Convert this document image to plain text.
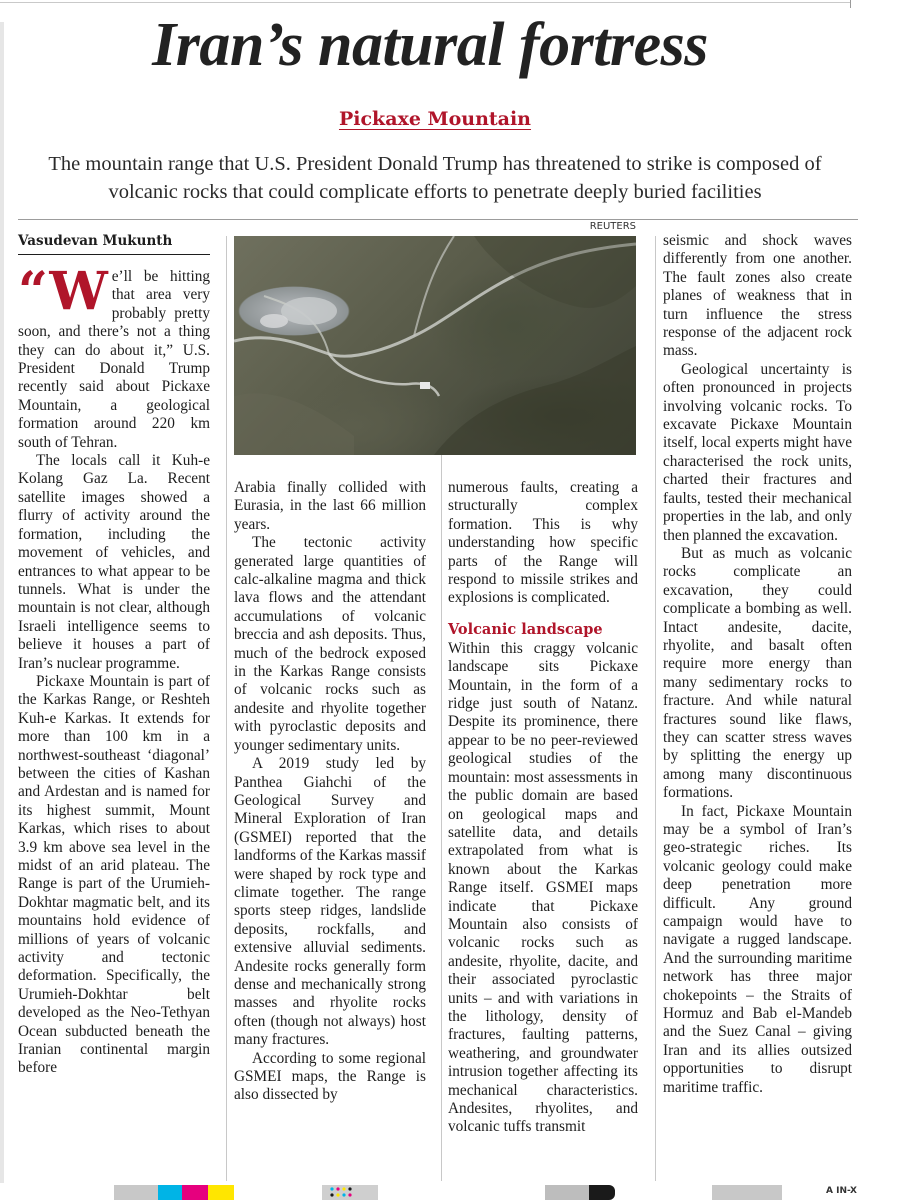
Iran’s natural fortress
Pickaxe Mountain
The mountain range that U.S. President Donald Trump has threatened to strike is composed of volcanic rocks that could complicate efforts to penetrate deeply buried facilities
Vasudevan Mukunth

“We’ll be hitting that area very probably pretty soon, and there’s not a thing they can do about it,” U.S. President Donald Trump recently said about Pickaxe Mountain, a geological formation around 220 km south of Tehran.

The locals call it Kuh-e Kolang Gaz La. Recent satellite images showed a flurry of activity around the formation, including the movement of vehicles, and entrances to what appear to be tunnels. What is under the mountain is not clear, although Israeli intelligence seems to believe it houses a part of Iran’s nuclear programme.

Pickaxe Mountain is part of the Karkas Range, or Reshteh Kuh-e Karkas. It extends for more than 100 km in a northwest-southeast ‘diagonal’ between the cities of Kashan and Ardestan and is named for its highest summit, Mount Karkas, which rises to about 3.9 km above sea level in the midst of an arid plateau. The Range is part of the Urumieh-Dokhtar magmatic belt, and its mountains hold evidence of millions of years of volcanic activity and tectonic deformation. Specifically, the Urumieh-Dokhtar belt developed as the Neo-Tethyan Ocean subducted beneath the Iranian continental margin before

REUTERS

Arabia finally collided with Eurasia, in the last 66 million years.

The tectonic activity generated large quantities of calc-alkaline magma and thick lava flows and the attendant accumulations of volcanic breccia and ash deposits. Thus, much of the bedrock exposed in the Karkas Range consists of volcanic rocks such as andesite and rhyolite together with pyroclastic deposits and younger sedimentary units.

A 2019 study led by Panthea Giahchi of the Geological Survey and Mineral Exploration of Iran (GSMEI) reported that the landforms of the Karkas massif were shaped by rock type and climate together. The range sports steep ridges, landslide deposits, rockfalls, and extensive alluvial sediments. Andesite rocks generally form dense and mechanically strong masses and rhyolite rocks often (though not always) host many fractures.

According to some regional GSMEI maps, the Range is also dissected by

numerous faults, creating a structurally complex formation. This is why understanding how specific parts of the Range will respond to missile strikes and explosions is complicated.

Volcanic landscape

Within this craggy volcanic landscape sits Pickaxe Mountain, in the form of a ridge just south of Natanz. Despite its prominence, there appear to be no peer-reviewed geological studies of the mountain: most assessments in the public domain are based on geological maps and satellite data, and details extrapolated from what is known about the Karkas Range itself. GSMEI maps indicate that Pickaxe Mountain also consists of volcanic rocks such as andesite, rhyolite, dacite, and their associated pyroclastic units – and with variations in the lithology, density of fractures, faulting patterns, weathering, and groundwater intrusion together affecting its mechanical characteristics. Andesites, rhyolites, and volcanic tuffs transmit

seismic and shock waves differently from one another. The fault zones also create planes of weakness that in turn influence the stress response of the adjacent rock mass.

Geological uncertainty is often pronounced in projects involving volcanic rocks. To excavate Pickaxe Mountain itself, local experts might have characterised the rock units, charted their fractures and faults, tested their mechanical properties in the lab, and only then planned the excavation.

But as much as volcanic rocks complicate an excavation, they could complicate a bombing as well. Intact andesite, dacite, rhyolite, and basalt often require more energy than many sedimentary rocks to fracture. And while natural fractures sound like flaws, they can scatter stress waves by splitting the energy up among many discontinuous formations.

In fact, Pickaxe Mountain may be a symbol of Iran’s geo-strategic riches. Its volcanic geology could make deep penetration more difficult. Any ground campaign would have to navigate a rugged landscape. And the surrounding maritime network has three major chokepoints – the Straits of Hormuz and Bab el-Mandeb and the Suez Canal – giving Iran and its allies outsized opportunities to disrupt maritime traffic.

A IN-X
